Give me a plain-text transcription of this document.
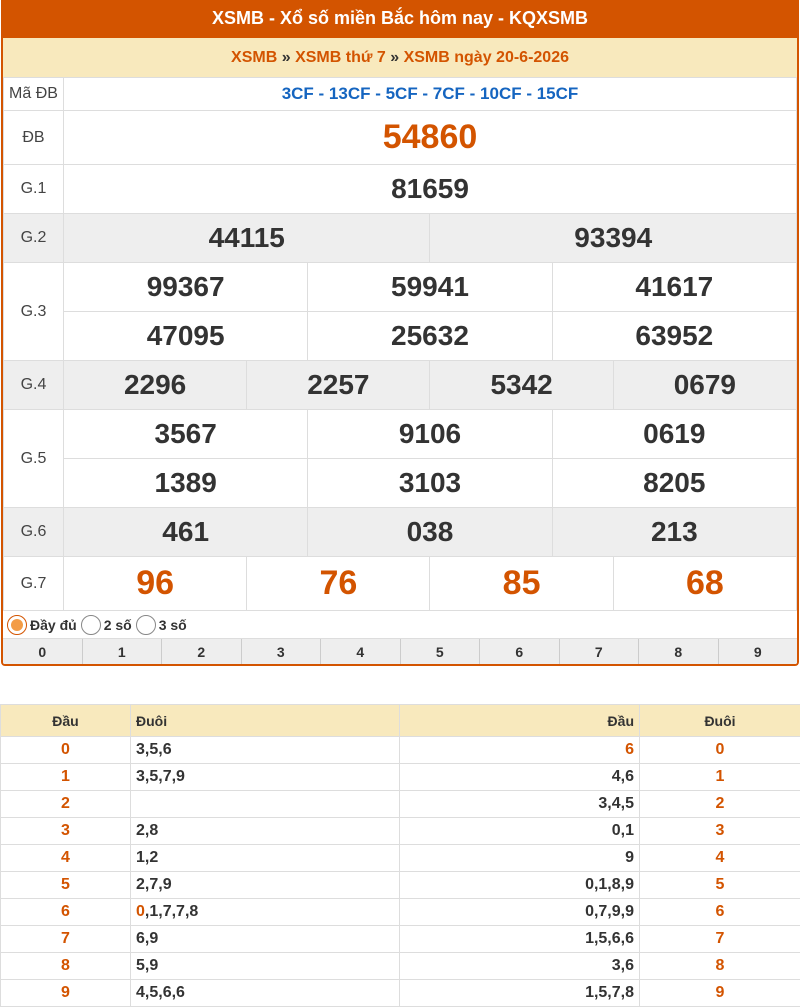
XSMB - Xổ số miền Bắc hôm nay - KQXSMB
XSMB » XSMB thứ 7 » XSMB ngày 20-6-2026
Mã ĐB	3CF - 13CF - 5CF - 7CF - 10CF - 15CF					
ĐB	54860					
G.1	81659					
G.2	44115			93394		
G.3	99367		59941		41617	
	47095		25632		63952	
G.4	2296	2257		5342		0679
G.5	3567		9106		0619	
	1389		3103		8205	
G.6	461		038		213	
G.7	96	76		85		68
Đầy đủ 2 số 3 số
0	1	2	3	4	5	6	7	8	9
Đầu	Đuôi	Đầu	Đuôi
0	3,5,6	6	0
1	3,5,7,9	4,6	1
2		3,4,5	2
3	2,8	0,1	3
4	1,2	9	4
5	2,7,9	0,1,8,9	5
6	0,1,7,7,8	0,7,9,9	6
7	6,9	1,5,6,6	7
8	5,9	3,6	8
9	4,5,6,6	1,5,7,8	9
